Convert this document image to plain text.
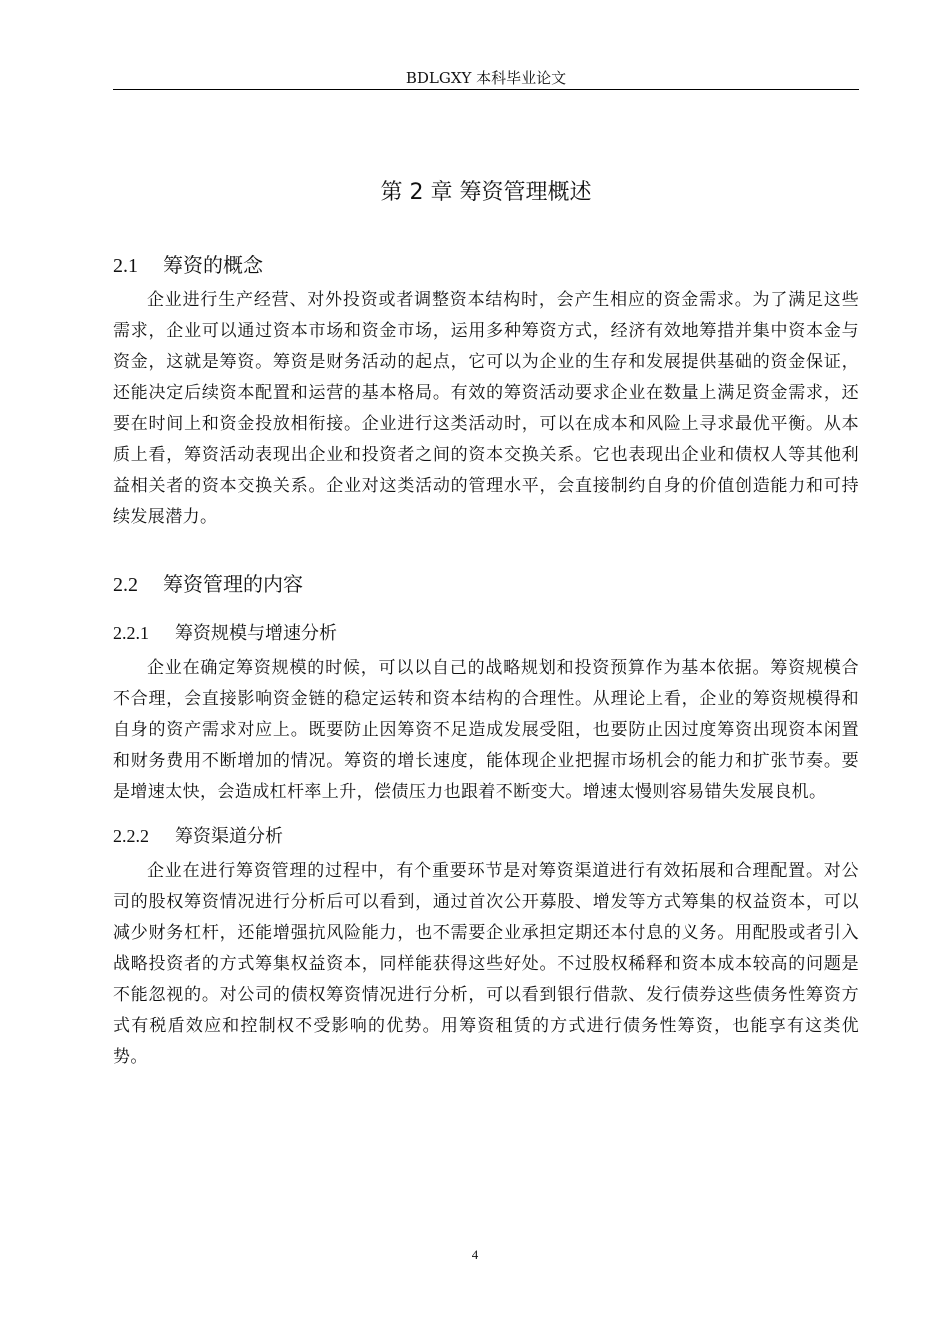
BDLGXY 本科毕业论文
第 2 章 筹资管理概述
2.1 筹资的概念

企业进行生产经营、对外投资或者调整资本结构时，会产生相应的资金需求。为了满足这些需求，企业可以通过资本市场和资金市场，运用多种筹资方式，经济有效地筹措并集中资本金与资金，这就是筹资。筹资是财务活动的起点，它可以为企业的生存和发展提供基础的资金保证，还能决定后续资本配置和运营的基本格局。有效的筹资活动要求企业在数量上满足资金需求，还要在时间上和资金投放相衔接。企业进行这类活动时，可以在成本和风险上寻求最优平衡。从本质上看，筹资活动表现出企业和投资者之间的资本交换关系。它也表现出企业和债权人等其他利益相关者的资本交换关系。企业对这类活动的管理水平，会直接制约自身的价值创造能力和可持续发展潜力。

2.2 筹资管理的内容
2.2.1 筹资规模与增速分析

企业在确定筹资规模的时候，可以以自己的战略规划和投资预算作为基本依据。筹资规模合不合理，会直接影响资金链的稳定运转和资本结构的合理性。从理论上看，企业的筹资规模得和自身的资产需求对应上。既要防止因筹资不足造成发展受阻，也要防止因过度筹资出现资本闲置和财务费用不断增加的情况。筹资的增长速度，能体现企业把握市场机会的能力和扩张节奏。要是增速太快，会造成杠杆率上升，偿债压力也跟着不断变大。增速太慢则容易错失发展良机。

2.2.2 筹资渠道分析

企业在进行筹资管理的过程中，有个重要环节是对筹资渠道进行有效拓展和合理配置。对公司的股权筹资情况进行分析后可以看到，通过首次公开募股、增发等方式筹集的权益资本，可以减少财务杠杆，还能增强抗风险能力，也不需要企业承担定期还本付息的义务。用配股或者引入战略投资者的方式筹集权益资本，同样能获得这些好处。不过股权稀释和资本成本较高的问题是不能忽视的。对公司的债权筹资情况进行分析，可以看到银行借款、发行债券这些债务性筹资方式有税盾效应和控制权不受影响的优势。用筹资租赁的方式进行债务性筹资，也能享有这类优势。

4
